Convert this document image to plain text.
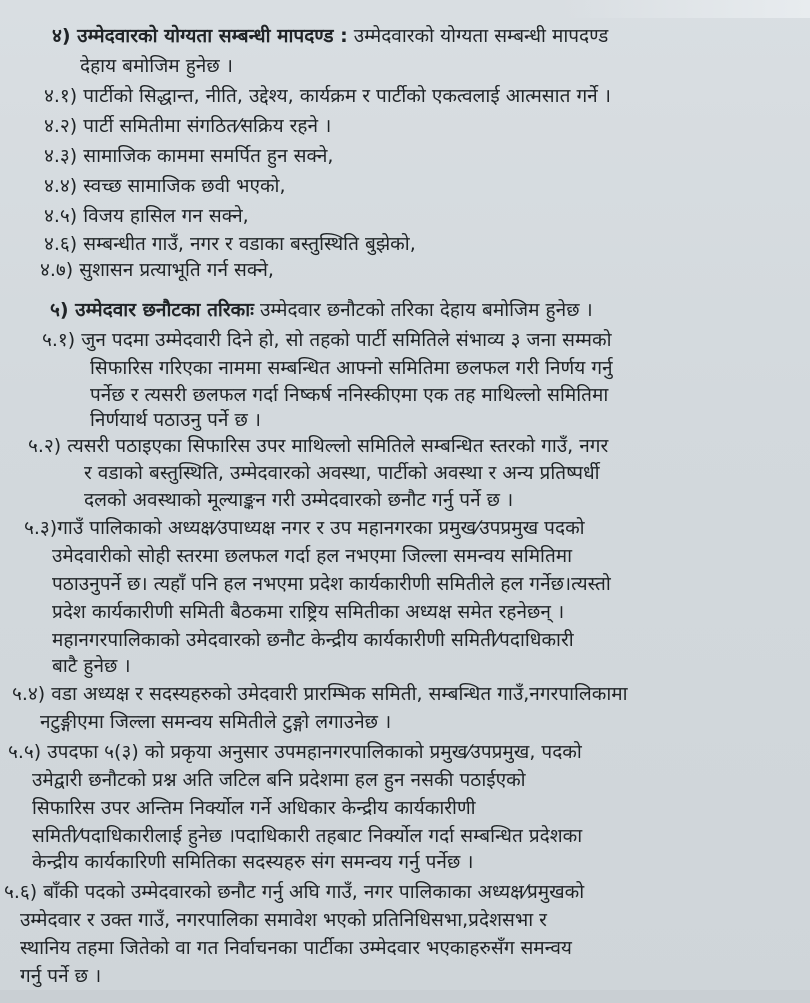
४) उम्मेदवारको योग्यता सम्बन्धी मापदण्ड : उम्मेदवारको योग्यता सम्बन्धी मापदण्ड
देहाय बमोजिम हुनेछ ।
४.१) पार्टीको सिद्धान्त, नीति, उद्देश्य, कार्यक्रम र पार्टीको एकत्वलाई आत्मसात गर्ने ।
४.२) पार्टी समितीमा संगठित⁄सक्रिय रहने ।
४.३) सामाजिक काममा समर्पित हुन सक्ने,
४.४) स्वच्छ सामाजिक छवी भएको,
४.५) विजय हासिल गन सक्ने,
४.६) सम्बन्धीत गाउँ, नगर र वडाका बस्तुस्थिति बुझेको,
४.७) सुशासन प्रत्याभूति गर्न सक्ने,
५) उम्मेदवार छनौटका तरिकाः उम्मेदवार छनौटको तरिका देहाय बमोजिम हुनेछ ।
५.१) जुन पदमा उम्मेदवारी दिने हो, सो तहको पार्टी समितिले संभाव्य ३ जना सम्मको
सिफारिस गरिएका नाममा सम्बन्धित आफ्नो समितिमा छलफल गरी निर्णय गर्नु
पर्नेछ र त्यसरी छलफल गर्दा निष्कर्ष ननिस्कीएमा एक तह माथिल्लो समितिमा
निर्णयार्थ पठाउनु पर्ने छ ।
५.२) त्यसरी पठाइएका सिफारिस उपर माथिल्लो समितिले सम्बन्धित स्तरको गाउँ, नगर
र वडाको बस्तुस्थिति, उम्मेदवारको अवस्था, पार्टीको अवस्था र अन्य प्रतिष्पर्धी
दलको अवस्थाको मूल्याङ्कन गरी उम्मेदवारको छनौट गर्नु पर्ने छ ।
५.३)गाउँ पालिकाको अध्यक्ष⁄उपाध्यक्ष नगर र उप महानगरका प्रमुख⁄उपप्रमुख पदको
उमेदवारीको सोही स्तरमा छलफल गर्दा हल नभएमा जिल्ला समन्वय समितिमा
पठाउनुपर्ने छ। त्यहाँ पनि हल नभएमा प्रदेश कार्यकारीणी समितीले हल गर्नेछ।त्यस्तो
प्रदेश कार्यकारीणी समिती बैठकमा राष्ट्रिय समितीका अध्यक्ष समेत रहनेछन् ।
महानगरपालिकाको उमेदवारको छनौट केन्द्रीय कार्यकारीणी समिती⁄पदाधिकारी
बाटै हुनेछ ।
५.४) वडा अध्यक्ष र सदस्यहरुको उमेदवारी प्रारम्भिक समिती, सम्बन्धित गाउँ,नगरपालिकामा
नटुङ्गीएमा जिल्ला समन्वय समितीले टुङ्गो लगाउनेछ ।
५.५) उपदफा ५(३) को प्रकृया अनुसार उपमहानगरपालिकाको प्रमुख⁄उपप्रमुख, पदको
उमेद्वारी छनौटको प्रश्न अति जटिल बनि प्रदेशमा हल हुन नसकी पठाईएको
सिफारिस उपर अन्तिम निर्क्योल गर्ने अधिकार केन्द्रीय कार्यकारीणी
समिती⁄पदाधिकारीलाई हुनेछ ।पदाधिकारी तहबाट निर्क्योल गर्दा सम्बन्धित प्रदेशका
केन्द्रीय कार्यकारिणी समितिका सदस्यहरु संग समन्वय गर्नु पर्नेछ ।
५.६) बाँकी पदको उम्मेदवारको छनौट गर्नु अघि गाउँ, नगर पालिकाका अध्यक्ष⁄प्रमुखको
उम्मेदवार र उक्त गाउँ, नगरपालिका समावेश भएको प्रतिनिधिसभा,प्रदेशसभा र
स्थानिय तहमा जितेको वा गत निर्वाचनका पार्टीका उम्मेदवार भएकाहरुसँग समन्वय
गर्नु पर्ने छ ।
